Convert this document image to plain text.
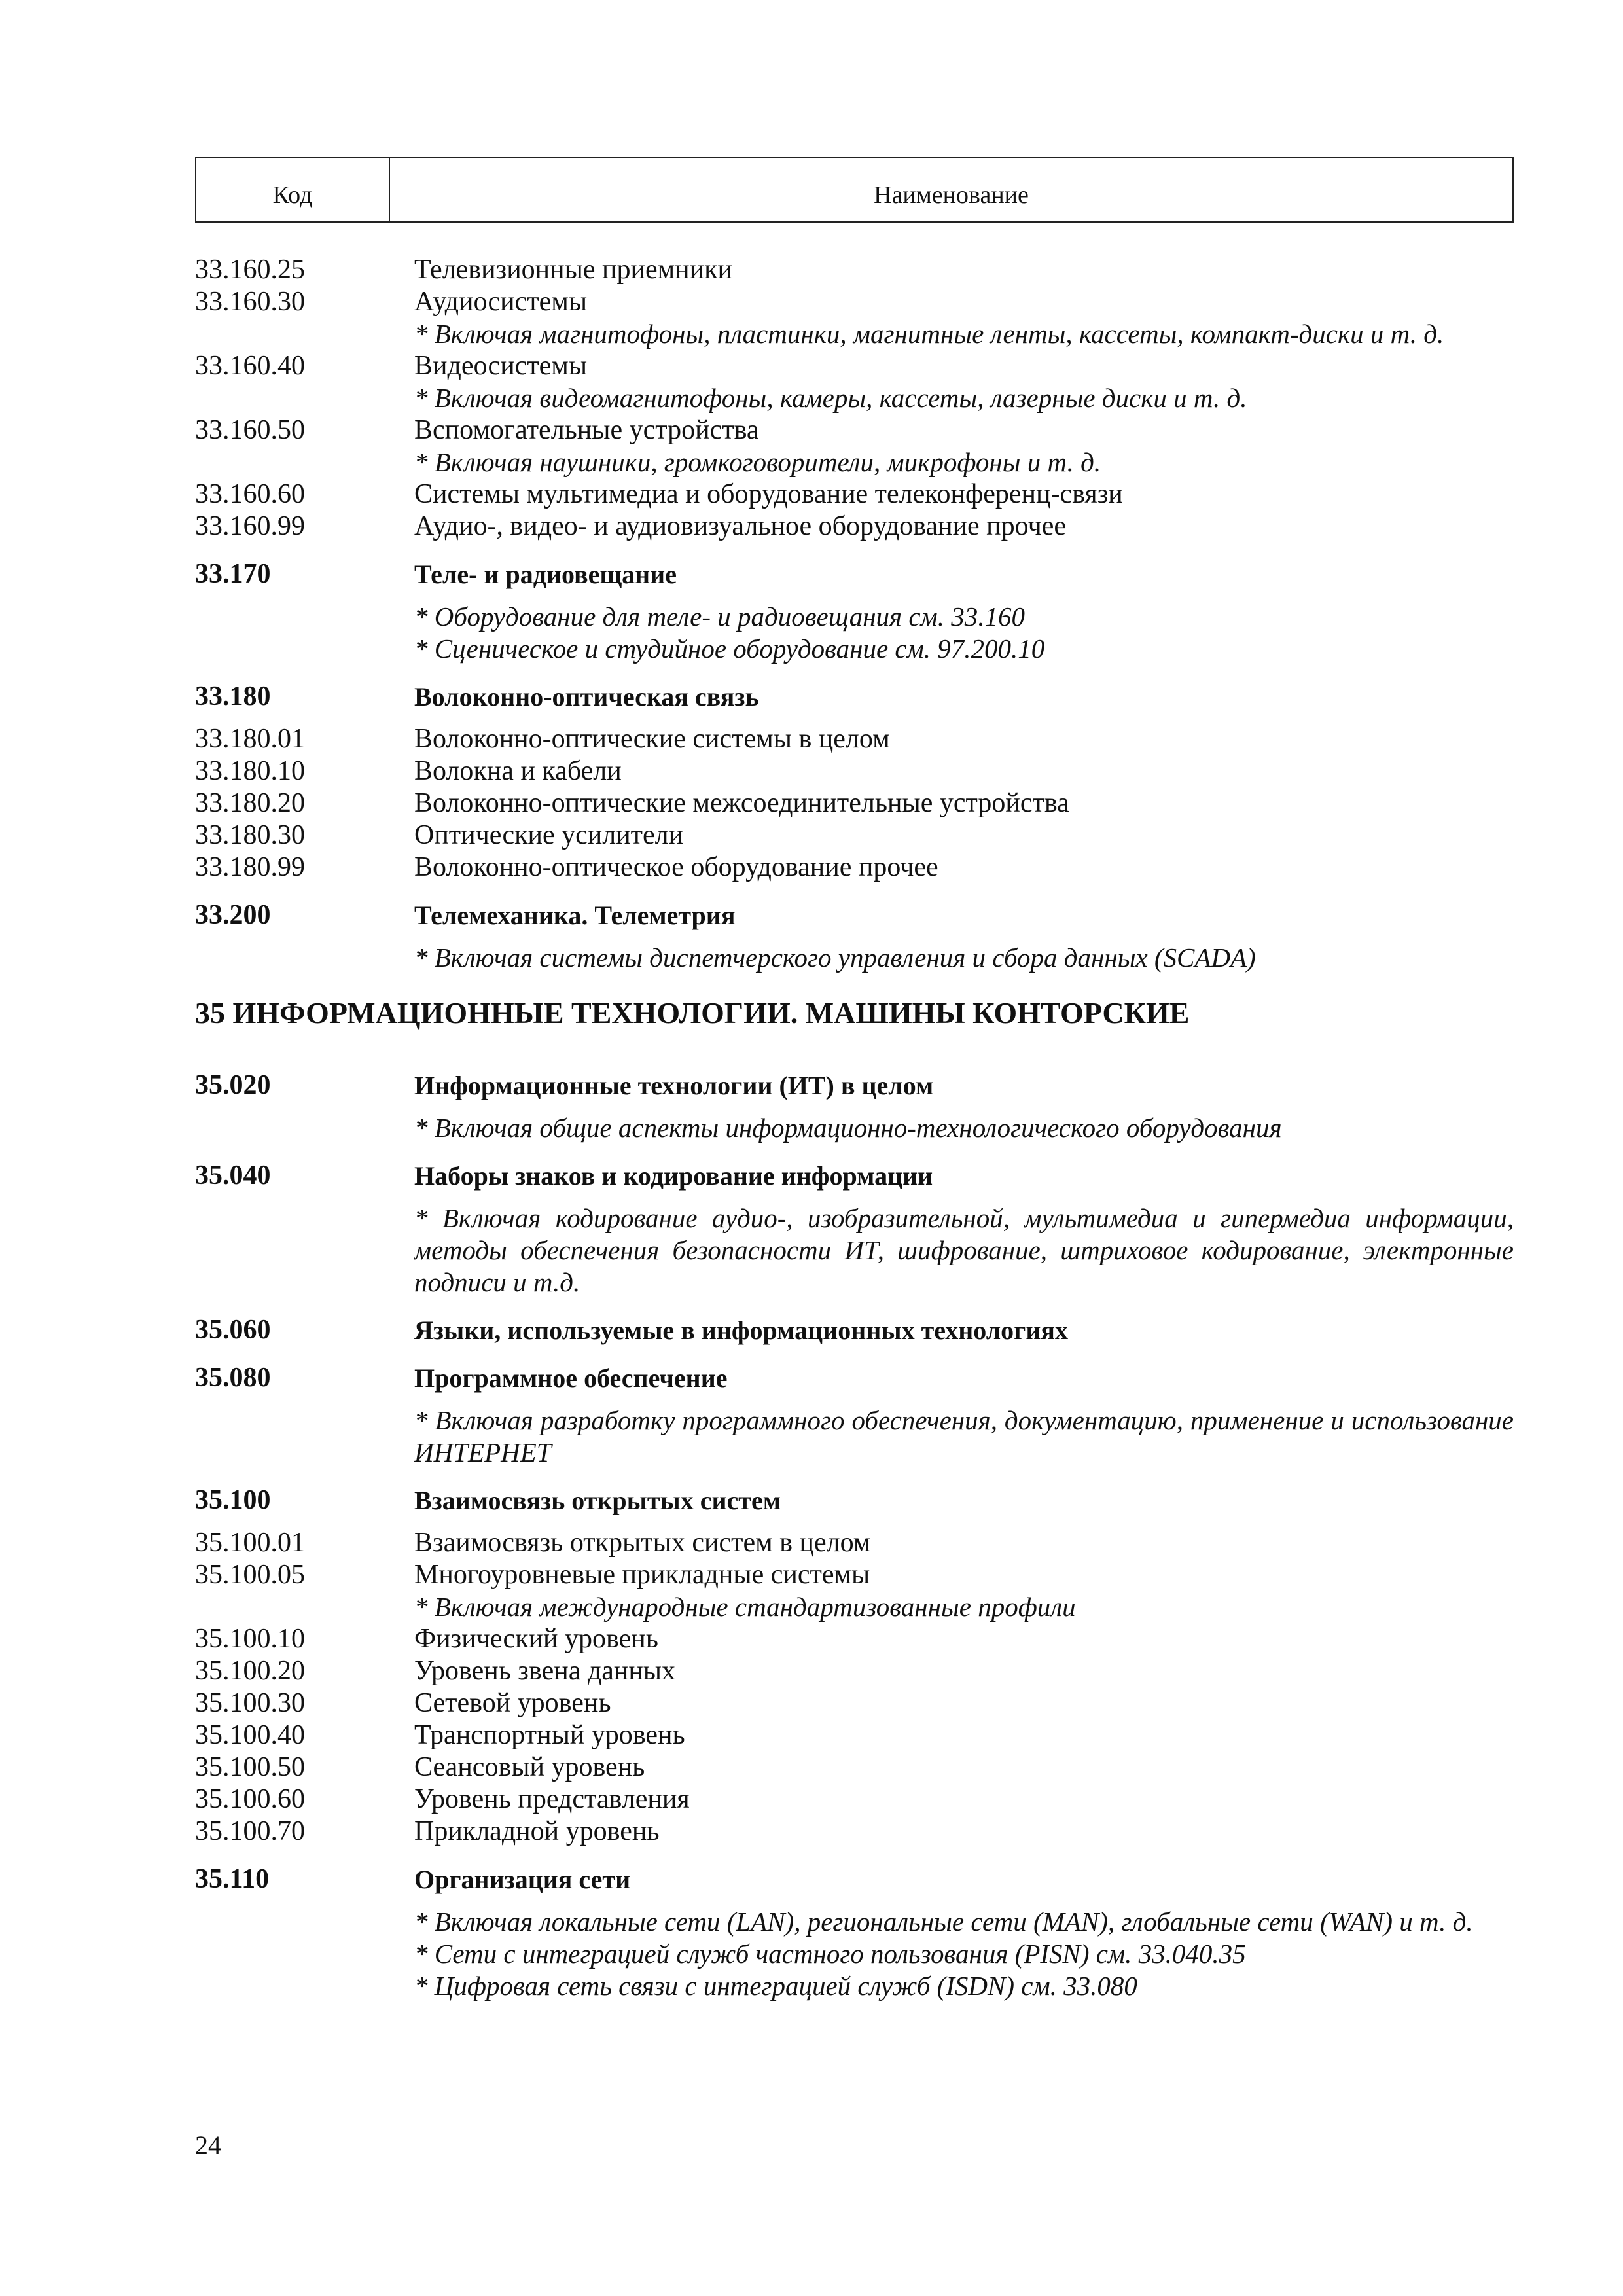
Код	Наименование
33.160.25	Телевизионные приемники
33.160.30	Аудиосистемы
* Включая магнитофоны, пластинки, магнитные ленты, кассеты, компакт-диски и т. д.
33.160.40	Видеосистемы
* Включая видеомагнитофоны, камеры, кассеты, лазерные диски и т. д.
33.160.50	Вспомогательные устройства
* Включая наушники, громкоговорители, микрофоны и т. д.
33.160.60	Системы мультимедиа и оборудование телеконференц-связи
33.160.99	Аудио-, видео- и аудиовизуальное оборудование прочее
33.170	Теле- и радиовещание
* Оборудование для теле- и радиовещания см. 33.160
* Сценическое и студийное оборудование см. 97.200.10
33.180	Волоконно-оптическая связь
33.180.01	Волоконно-оптические системы в целом
33.180.10	Волокна и кабели
33.180.20	Волоконно-оптические межсоединительные устройства
33.180.30	Оптические усилители
33.180.99	Волоконно-оптическое оборудование прочее
33.200	Телемеханика. Телеметрия
* Включая системы диспетчерского управления и сбора данных (SCADA)
35 ИНФОРМАЦИОННЫЕ ТЕХНОЛОГИИ. МАШИНЫ КОНТОРСКИЕ
35.020	Информационные технологии (ИТ) в целом
* Включая общие аспекты информационно-технологического оборудования
35.040	Наборы знаков и кодирование информации
* Включая кодирование аудио-, изобразительной, мультимедиа и гипермедиа информации, методы обеспечения безопасности ИТ, шифрование, штриховое кодирование, электронные подписи и т.д.
35.060	Языки, используемые в информационных технологиях
35.080	Программное обеспечение
* Включая разработку программного обеспечения, документацию, применение и использование ИНТЕРНЕТ
35.100	Взаимосвязь открытых систем
35.100.01	Взаимосвязь открытых систем в целом
35.100.05	Многоуровневые прикладные системы
* Включая международные стандартизованные профили
35.100.10	Физический уровень
35.100.20	Уровень звена данных
35.100.30	Сетевой уровень
35.100.40	Транспортный уровень
35.100.50	Сеансовый уровень
35.100.60	Уровень представления
35.100.70	Прикладной уровень
35.110	Организация сети
* Включая локальные сети (LAN), региональные сети (MAN), глобальные сети (WAN) и т. д.
* Сети с интеграцией служб частного пользования (PISN) см. 33.040.35
* Цифровая сеть связи с интеграцией служб (ISDN) см. 33.080
24
